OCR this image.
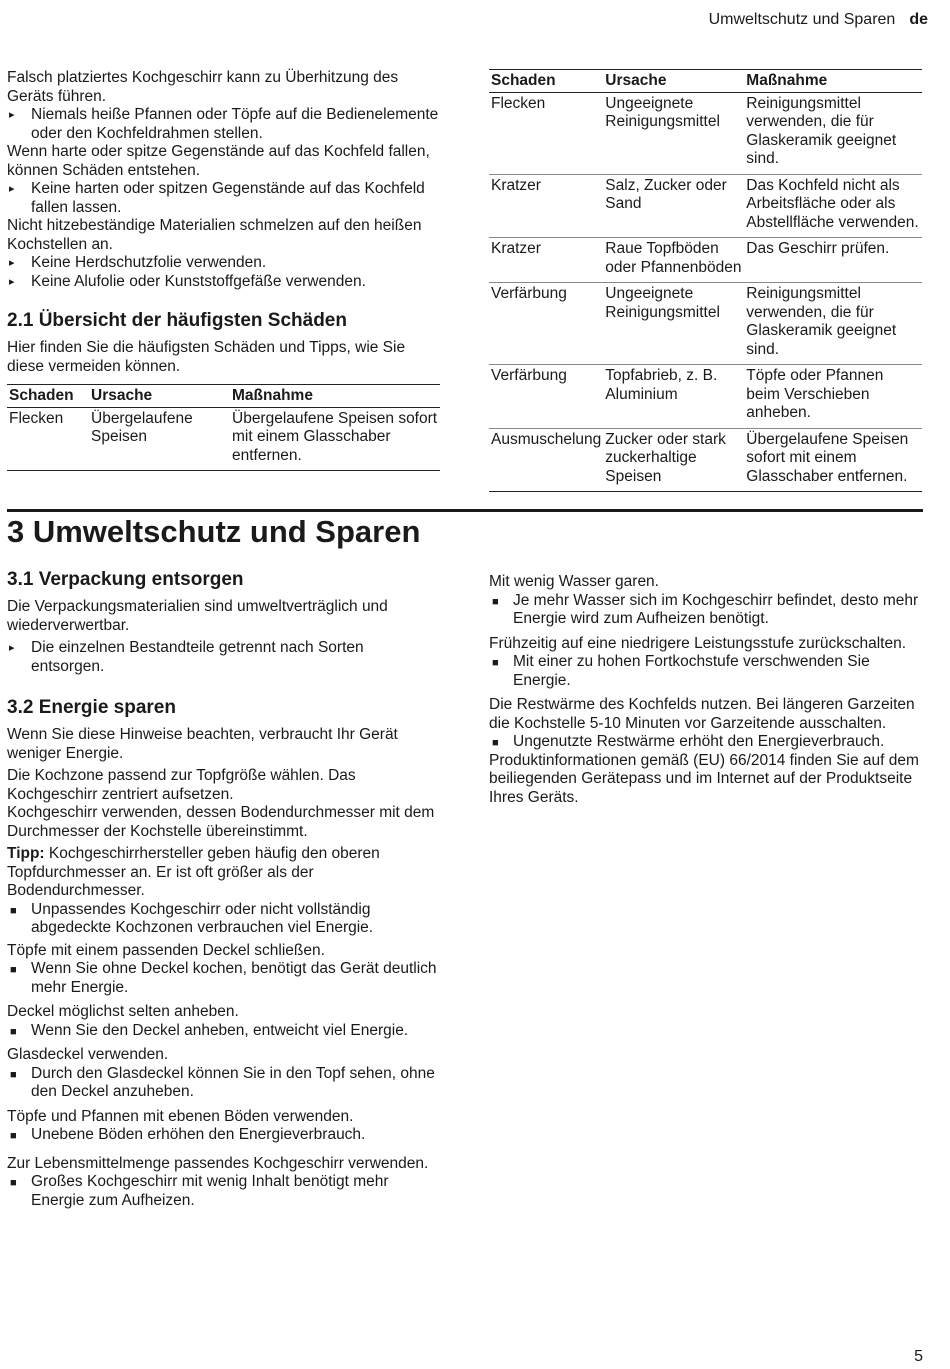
Umweltschutz und Sparen de

Falsch platziertes Kochgeschirr kann zu Überhitzung des Geräts führen.

▸ Niemals heiße Pfannen oder Töpfe auf die Bedienelemente oder den Kochfeldrahmen stellen.

Wenn harte oder spitze Gegenstände auf das Kochfeld fallen, können Schäden entstehen.

▸ Keine harten oder spitzen Gegenstände auf das Kochfeld fallen lassen.

Nicht hitzebeständige Materialien schmelzen auf den heißen Kochstellen an.

▸ Keine Herdschutzfolie verwenden.
▸ Keine Alufolie oder Kunststoffgefäße verwenden.
2.1 Übersicht der häufigsten Schäden

Hier finden Sie die häufigsten Schäden und Tipps, wie Sie diese vermeiden können.

Schaden	Ursache	Maßnahme
Flecken	Übergelaufene Speisen	Übergelaufene Speisen sofort mit einem Glasschaber entfernen.
Schaden	Ursache	Maßnahme
Flecken	Ungeeignete Reinigungsmittel	Reinigungsmittel verwenden, die für Glaskeramik geeignet sind.
Kratzer	Salz, Zucker oder Sand	Das Kochfeld nicht als Arbeitsfläche oder als Abstellfläche verwenden.
Kratzer	Raue Topfböden oder Pfannenböden	Das Geschirr prüfen.
Verfärbung	Ungeeignete Reinigungsmittel	Reinigungsmittel verwenden, die für Glaskeramik geeignet sind.
Verfärbung	Topfabrieb, z. B. Aluminium	Töpfe oder Pfannen beim Verschieben anheben.
Ausmuschelung	Zucker oder stark zuckerhaltige Speisen	Übergelaufene Speisen sofort mit einem Glasschaber entfernen.
3 Umweltschutz und Sparen
3.1 Verpackung entsorgen

Die Verpackungsmaterialien sind umweltverträglich und wiederverwertbar.

▸ Die einzelnen Bestandteile getrennt nach Sorten entsorgen.
3.2 Energie sparen

Wenn Sie diese Hinweise beachten, verbraucht Ihr Gerät weniger Energie.

Die Kochzone passend zur Topfgröße wählen. Das Kochgeschirr zentriert aufsetzen.

Kochgeschirr verwenden, dessen Bodendurchmesser mit dem Durchmesser der Kochstelle übereinstimmt.

Tipp: Kochgeschirrhersteller geben häufig den oberen Topfdurchmesser an. Er ist oft größer als der Bodendurchmesser.

■ Unpassendes Kochgeschirr oder nicht vollständig abgedeckte Kochzonen verbrauchen viel Energie.

Töpfe mit einem passenden Deckel schließen.

■ Wenn Sie ohne Deckel kochen, benötigt das Gerät deutlich mehr Energie.

Deckel möglichst selten anheben.

■ Wenn Sie den Deckel anheben, entweicht viel Energie.

Glasdeckel verwenden.

■ Durch den Glasdeckel können Sie in den Topf sehen, ohne den Deckel anzuheben.

Töpfe und Pfannen mit ebenen Böden verwenden.

■ Unebene Böden erhöhen den Energieverbrauch.

Zur Lebensmittelmenge passendes Kochgeschirr verwenden.

■ Großes Kochgeschirr mit wenig Inhalt benötigt mehr Energie zum Aufheizen.

Mit wenig Wasser garen.

■ Je mehr Wasser sich im Kochgeschirr befindet, desto mehr Energie wird zum Aufheizen benötigt.

Frühzeitig auf eine niedrigere Leistungsstufe zurückschalten.

■ Mit einer zu hohen Fortkochstufe verschwenden Sie Energie.

Die Restwärme des Kochfelds nutzen. Bei längeren Garzeiten die Kochstelle 5-10 Minuten vor Garzeitende ausschalten.

■ Ungenutzte Restwärme erhöht den Energieverbrauch.

Produktinformationen gemäß (EU) 66/2014 finden Sie auf dem beiliegenden Gerätepass und im Internet auf der Produktseite Ihres Geräts.

5
